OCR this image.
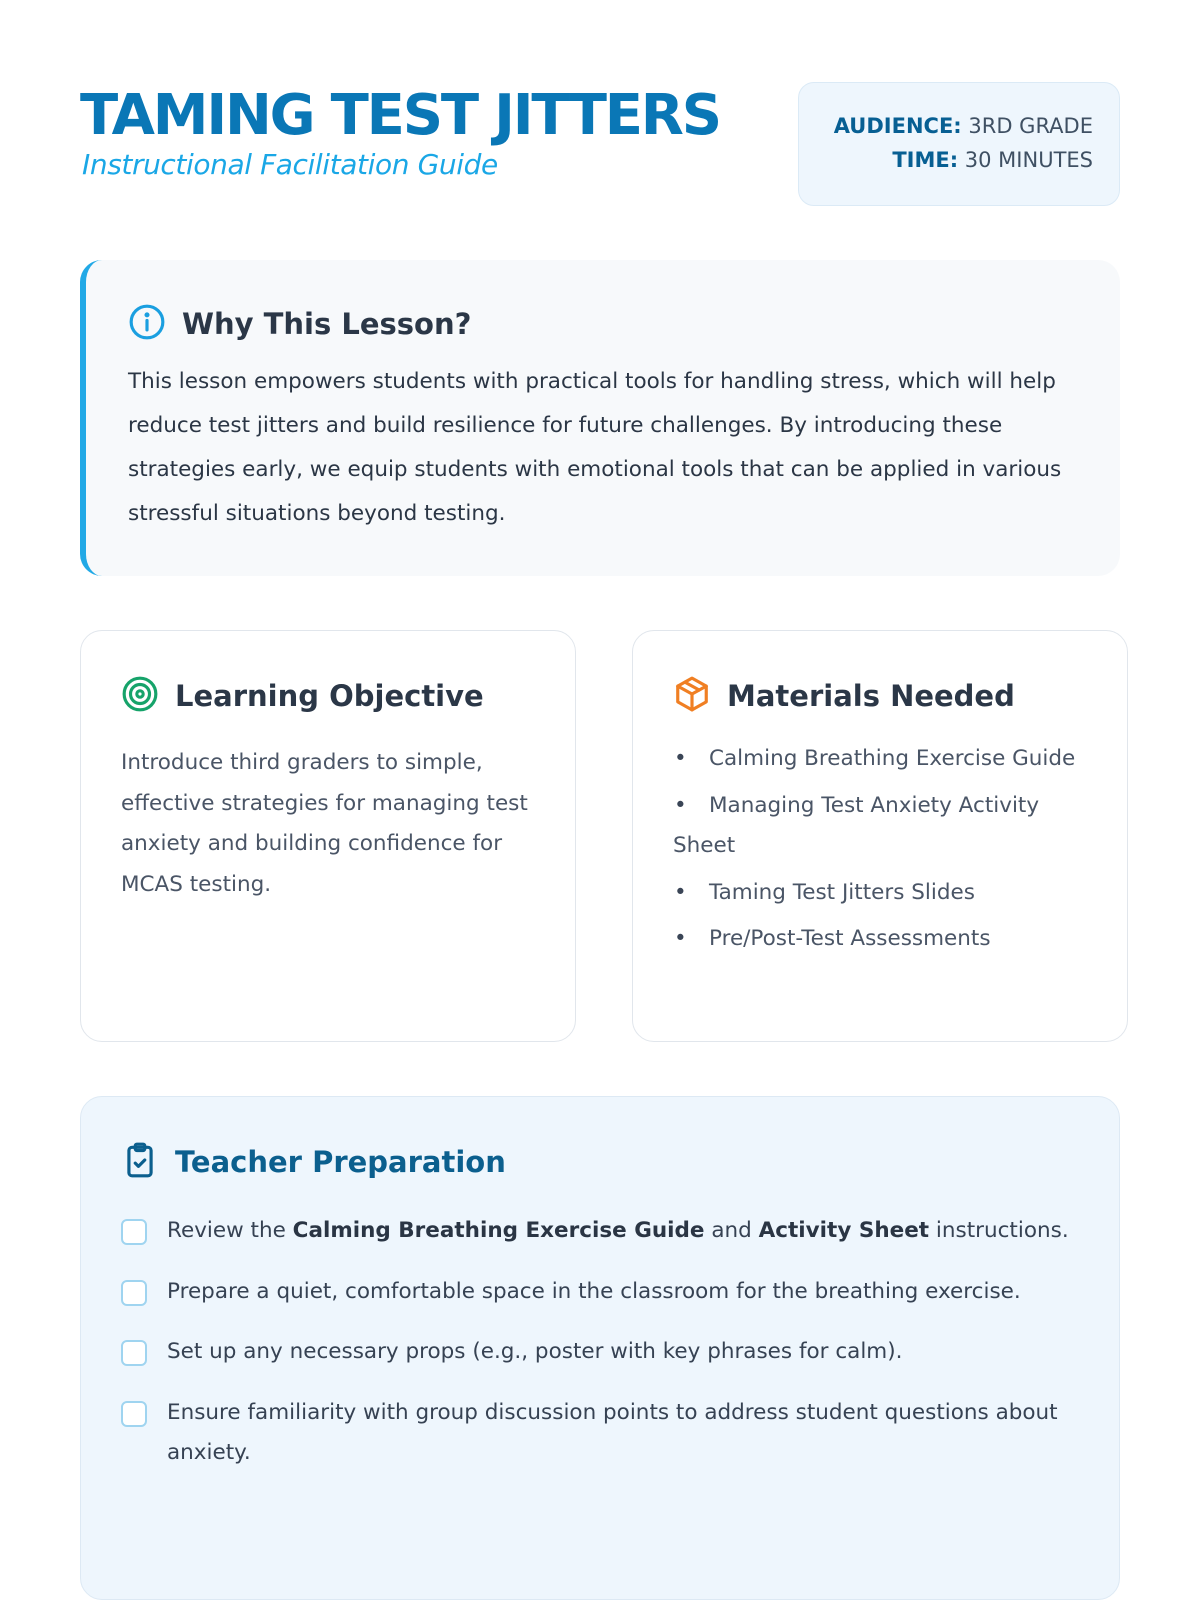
TAMING TEST JITTERS
Instructional Facilitation Guide
AUDIENCE: 3RD GRADE
TIME: 30 MINUTES
Why This Lesson?

This lesson empowers students with practical tools for handling stress, which will help reduce test jitters and build resilience for future challenges. By introducing these strategies early, we equip students with emotional tools that can be applied in various stressful situations beyond testing.

Learning Objective

Introduce third graders to simple, effective strategies for managing test anxiety and building confidence for MCAS testing.

Materials Needed
• Calming Breathing Exercise Guide
• Managing Test Anxiety Activity Sheet
• Taming Test Jitters Slides
• Pre/Post-Test Assessments
Teacher Preparation
Review the Calming Breathing Exercise Guide and Activity Sheet instructions.
Prepare a quiet, comfortable space in the classroom for the breathing exercise.
Set up any necessary props (e.g., poster with key phrases for calm).
Ensure familiarity with group discussion points to address student questions about anxiety.
